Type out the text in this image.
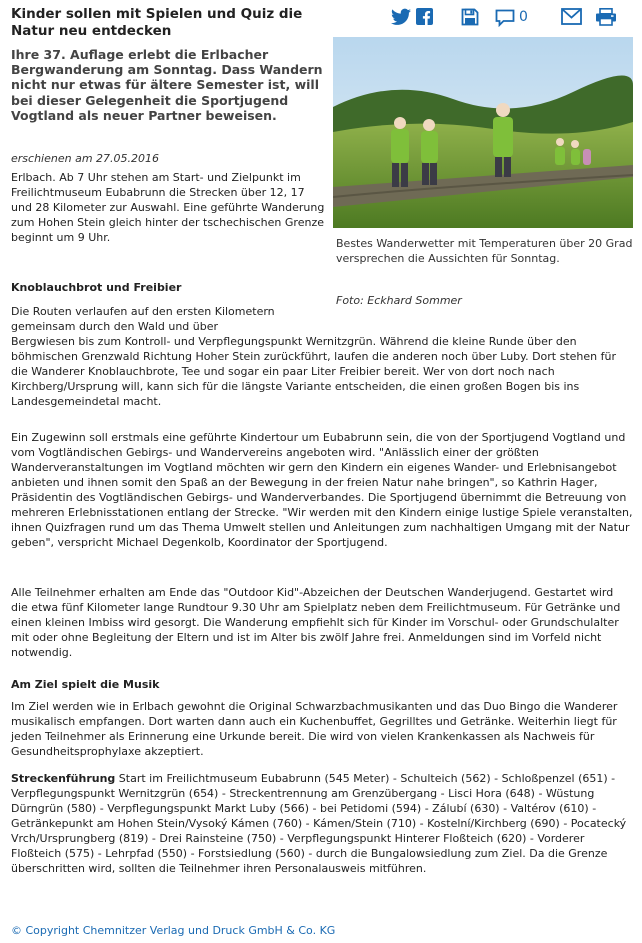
Kinder sollen mit Spielen und Quiz die Natur neu entdecken
0

Ihre 37. Auflage erlebt die Erlbacher Bergwanderung am Sonntag. Dass Wandern nicht nur etwas für ältere Semester ist, will bei dieser Gelegenheit die Sportjugend Vogtland als neuer Partner beweisen.

erschienen am 27.05.2016

Bestes Wanderwetter mit Temperaturen über 20 Grad versprechen die Aussichten für Sonntag.

Foto: Eckhard Sommer

Erlbach. Ab 7 Uhr stehen am Start- und Zielpunkt im Freilichtmuseum Eubabrunn die Strecken über 12, 17 und 28 Kilometer zur Auswahl. Eine geführte Wanderung zum Hohen Stein gleich hinter der tschechischen Grenze beginnt um 9 Uhr.

Knoblauchbrot und Freibier

Die Routen verlaufen auf den ersten Kilometern gemeinsam durch den Wald und über

Bergwiesen bis zum Kontroll- und Verpflegungspunkt Wernitzgrün. Während die kleine Runde über den böhmischen Grenzwald Richtung Hoher Stein zurückführt, laufen die anderen noch über Luby. Dort stehen für die Wanderer Knoblauchbrote, Tee und sogar ein paar Liter Freibier bereit. Wer von dort noch nach Kirchberg/Ursprung will, kann sich für die längste Variante entscheiden, die einen großen Bogen bis ins Landesgemeindetal macht.

Ein Zugewinn soll erstmals eine geführte Kindertour um Eubabrunn sein, die von der Sportjugend Vogtland und vom Vogtländischen Gebirgs- und Wandervereins angeboten wird. "Anlässlich einer der größten Wanderveranstaltungen im Vogtland möchten wir gern den Kindern ein eigenes Wander- und Erlebnisangebot anbieten und ihnen somit den Spaß an der Bewegung in der freien Natur nahe bringen", so Kathrin Hager, Präsidentin des Vogtländischen Gebirgs- und Wanderverbandes. Die Sportjugend übernimmt die Betreuung von mehreren Erlebnisstationen entlang der Strecke. "Wir werden mit den Kindern einige lustige Spiele veranstalten, ihnen Quizfragen rund um das Thema Umwelt stellen und Anleitungen zum nachhaltigen Umgang mit der Natur geben", verspricht Michael Degenkolb, Koordinator der Sportjugend.

Alle Teilnehmer erhalten am Ende das "Outdoor Kid"-Abzeichen der Deutschen Wanderjugend. Gestartet wird die etwa fünf Kilometer lange Rundtour 9.30 Uhr am Spielplatz neben dem Freilichtmuseum. Für Getränke und einen kleinen Imbiss wird gesorgt. Die Wanderung empfiehlt sich für Kinder im Vorschul- oder Grundschulalter mit oder ohne Begleitung der Eltern und ist im Alter bis zwölf Jahre frei. Anmeldungen sind im Vorfeld nicht notwendig.

Am Ziel spielt die Musik

Im Ziel werden wie in Erlbach gewohnt die Original Schwarzbachmusikanten und das Duo Bingo die Wanderer musikalisch empfangen. Dort warten dann auch ein Kuchenbuffet, Gegrilltes und Getränke. Weiterhin liegt für jeden Teilnehmer als Erinnerung eine Urkunde bereit. Die wird von vielen Krankenkassen als Nachweis für Gesundheitsprophylaxe akzeptiert.

Streckenführung Start im Freilichtmuseum Eubabrunn (545 Meter) - Schulteich (562) - Schloßpenzel (651) - Verpflegungspunkt Wernitzgrün (654) - Streckentrennung am Grenzübergang - Lisci Hora (648) - Wüstung Dürngrün (580) - Verpflegungspunkt Markt Luby (566) - bei Petidomi (594) - Zálubí (630) - Valtérov (610) - Getränkepunkt am Hohen Stein/Vysoký Kámen (760) - Kámen/Stein (710) - Kostelní/Kirchberg (690) - Pocatecký Vrch/Ursprungberg (819) - Drei Rainsteine (750) - Verpflegungspunkt Hinterer Floßteich (620) - Vorderer Floßteich (575) - Lehrpfad (550) - Forstsiedlung (560) - durch die Bungalowsiedlung zum Ziel. Da die Grenze überschritten wird, sollten die Teilnehmer ihren Personalausweis mitführen.

© Copyright Chemnitzer Verlag und Druck GmbH & Co. KG
